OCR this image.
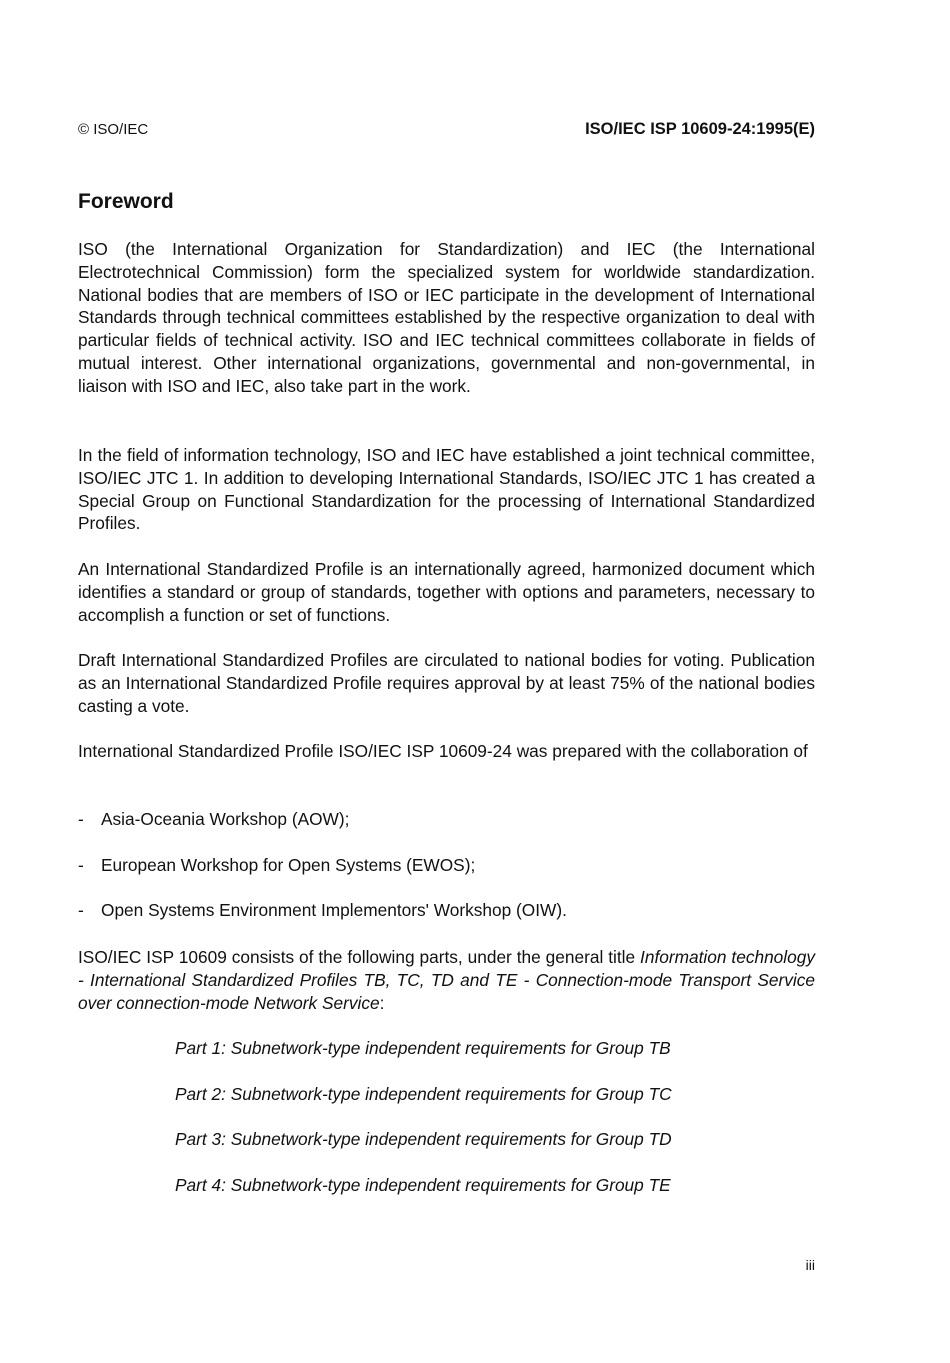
© ISO/IEC	ISO/IEC ISP 10609-24:1995(E)
Foreword

ISO (the International Organization for Standardization) and IEC (the International Electrotechnical Commission) form the specialized system for worldwide standardization. National bodies that are members of ISO or IEC participate in the development of International Standards through technical committees established by the respective organization to deal with particular fields of technical activity. ISO and IEC technical committees collaborate in fields of mutual interest. Other international organizations, governmental and non-governmental, in liaison with ISO and IEC, also take part in the work.

In the field of information technology, ISO and IEC have established a joint technical committee, ISO/IEC JTC 1. In addition to developing International Standards, ISO/IEC JTC 1 has created a Special Group on Functional Standardization for the processing of International Standardized Profiles.

An International Standardized Profile is an internationally agreed, harmonized document which identifies a standard or group of standards, together with options and parameters, necessary to accomplish a function or set of functions.

Draft International Standardized Profiles are circulated to national bodies for voting. Publication as an International Standardized Profile requires approval by at least 75% of the national bodies casting a vote.

International Standardized Profile ISO/IEC ISP 10609-24 was prepared with the collaboration of

- Asia-Oceania Workshop (AOW);
- European Workshop for Open Systems (EWOS);
- Open Systems Environment Implementors' Workshop (OIW).

ISO/IEC ISP 10609 consists of the following parts, under the general title Information technology - International Standardized Profiles TB, TC, TD and TE - Connection-mode Transport Service over connection-mode Network Service:

Part 1: Subnetwork-type independent requirements for Group TB
Part 2: Subnetwork-type independent requirements for Group TC
Part 3: Subnetwork-type independent requirements for Group TD
Part 4: Subnetwork-type independent requirements for Group TE
iii
